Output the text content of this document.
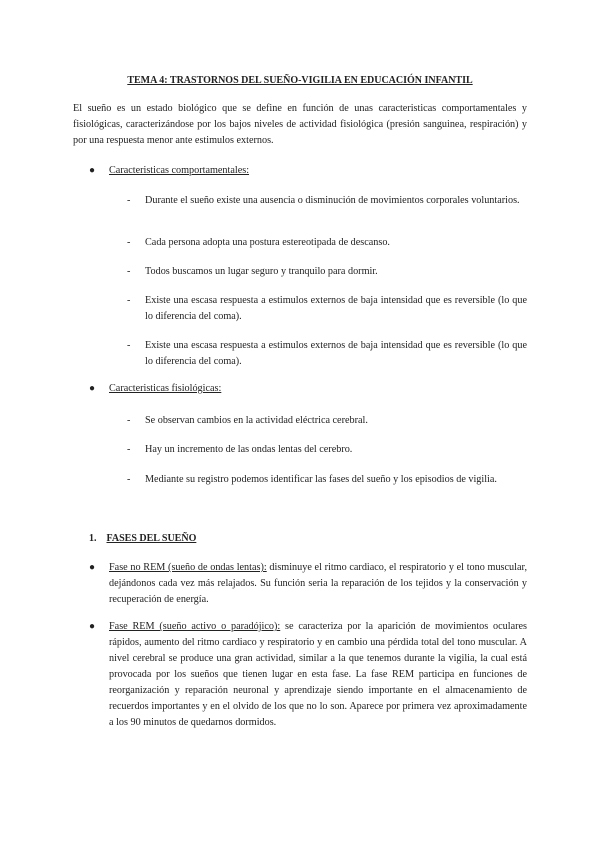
TEMA 4: TRASTORNOS DEL SUEÑO-VIGILIA EN EDUCACIÓN INFANTIL
El sueño es un estado biológico que se define en función de unas caracteristicas comportamentales y fisiológicas, caracterizándose por los bajos niveles de actividad fisiológica (presión sanguinea, respiración) y por una respuesta menor ante estimulos externos.
●	Caracteristicas comportamentales:
-	Durante el sueño existe una ausencia o disminución de movimientos corporales voluntarios.
-	Cada persona adopta una postura estereotipada de descanso.
-	Todos buscamos un lugar seguro y tranquilo para dormir.
-	Existe una escasa respuesta a estimulos externos de baja intensidad que es reversible (lo que lo diferencia del coma).
-	Existe una escasa respuesta a estimulos externos de baja intensidad que es reversible (lo que lo diferencia del coma).
●	Caracteristicas fisiológicas:
-	Se observan cambios en la actividad eléctrica cerebral.
-	Hay un incremento de las ondas lentas del cerebro.
-	Mediante su registro podemos identificar las fases del sueño y los episodios de vigilia.
1. FASES DEL SUEÑO
●	Fase no REM (sueño de ondas lentas): disminuye el ritmo cardiaco, el respiratorio y el tono muscular, dejándonos cada vez más relajados. Su función seria la reparación de los tejidos y la conservación y recuperación de energía.
●	Fase REM (sueño activo o paradójico): se caracteriza por la aparición de movimientos oculares rápidos, aumento del ritmo cardiaco y respiratorio y en cambio una pérdida total del tono muscular. A nivel cerebral se produce una gran actividad, similar a la que tenemos durante la vigilia, la cual está provocada por los sueños que tienen lugar en esta fase. La fase REM participa en funciones de reorganización y reparación neuronal y aprendizaje siendo importante en el almacenamiento de recuerdos importantes y en el olvido de los que no lo son. Aparece por primera vez aproximadamente a los 90 minutos de quedarnos dormidos.
